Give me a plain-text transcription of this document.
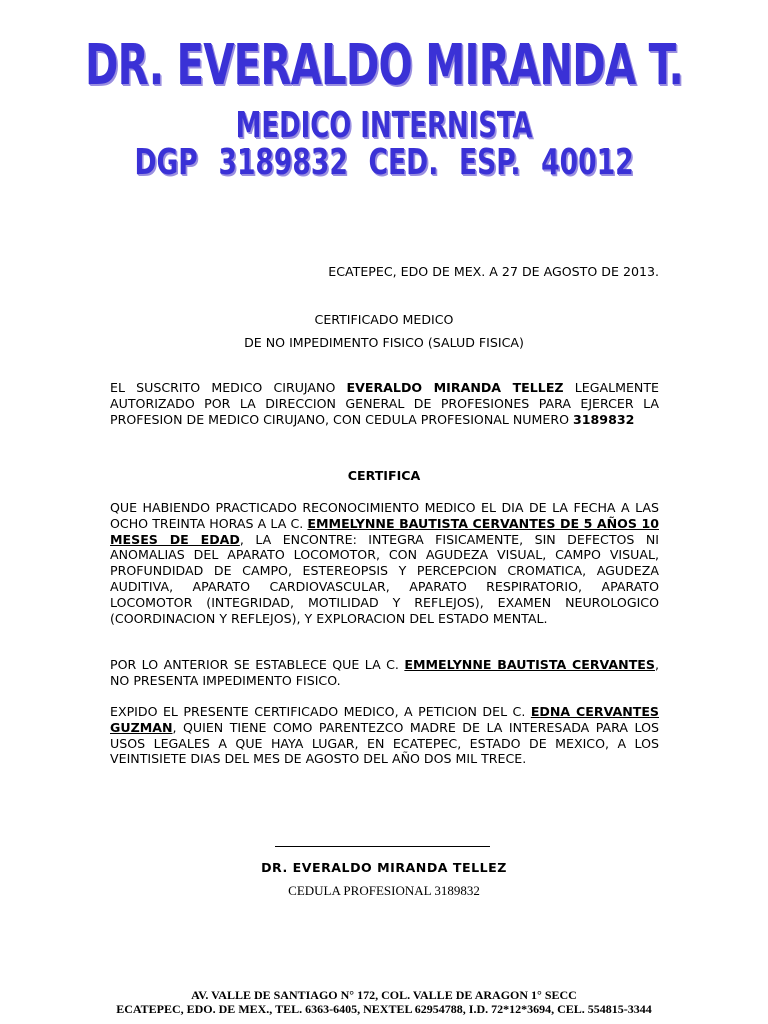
DR. EVERALDO MIRANDA T.
MEDICO INTERNISTA
DGP 3189832 CED. ESP. 40012
ECATEPEC, EDO DE MEX. A 27 DE AGOSTO DE 2013.
CERTIFICADO MEDICO
DE NO IMPEDIMENTO FISICO (SALUD FISICA)
EL SUSCRITO MEDICO CIRUJANO EVERALDO MIRANDA TELLEZ LEGALMENTE AUTORIZADO POR LA DIRECCION GENERAL DE PROFESIONES PARA EJERCER LA PROFESION DE MEDICO CIRUJANO, CON CEDULA PROFESIONAL NUMERO 3189832
CERTIFICA
QUE HABIENDO PRACTICADO RECONOCIMIENTO MEDICO EL DIA DE LA FECHA A LAS OCHO TREINTA HORAS A LA C. EMMELYNNE BAUTISTA CERVANTES DE 5 AÑOS 10 MESES DE EDAD, LA ENCONTRE: INTEGRA FISICAMENTE, SIN DEFECTOS NI ANOMALIAS DEL APARATO LOCOMOTOR, CON AGUDEZA VISUAL, CAMPO VISUAL, PROFUNDIDAD DE CAMPO, ESTEREOPSIS Y PERCEPCION CROMATICA, AGUDEZA AUDITIVA, APARATO CARDIOVASCULAR, APARATO RESPIRATORIO, APARATO LOCOMOTOR (INTEGRIDAD, MOTILIDAD Y REFLEJOS), EXAMEN NEUROLOGICO (COORDINACION Y REFLEJOS), Y EXPLORACION DEL ESTADO MENTAL.
POR LO ANTERIOR SE ESTABLECE QUE LA C. EMMELYNNE BAUTISTA CERVANTES, NO PRESENTA IMPEDIMENTO FISICO.
EXPIDO EL PRESENTE CERTIFICADO MEDICO, A PETICION DEL C. EDNA CERVANTES GUZMAN, QUIEN TIENE COMO PARENTEZCO MADRE DE LA INTERESADA PARA LOS USOS LEGALES A QUE HAYA LUGAR, EN ECATEPEC, ESTADO DE MEXICO, A LOS VEINTISIETE DIAS DEL MES DE AGOSTO DEL AÑO DOS MIL TRECE.
DR. EVERALDO MIRANDA TELLEZ
CEDULA PROFESIONAL 3189832
AV. VALLE DE SANTIAGO N° 172, COL. VALLE DE ARAGON 1° SECC
ECATEPEC, EDO. DE MEX., TEL. 6363-6405, NEXTEL 62954788, I.D. 72*12*3694, CEL. 554815-3344
